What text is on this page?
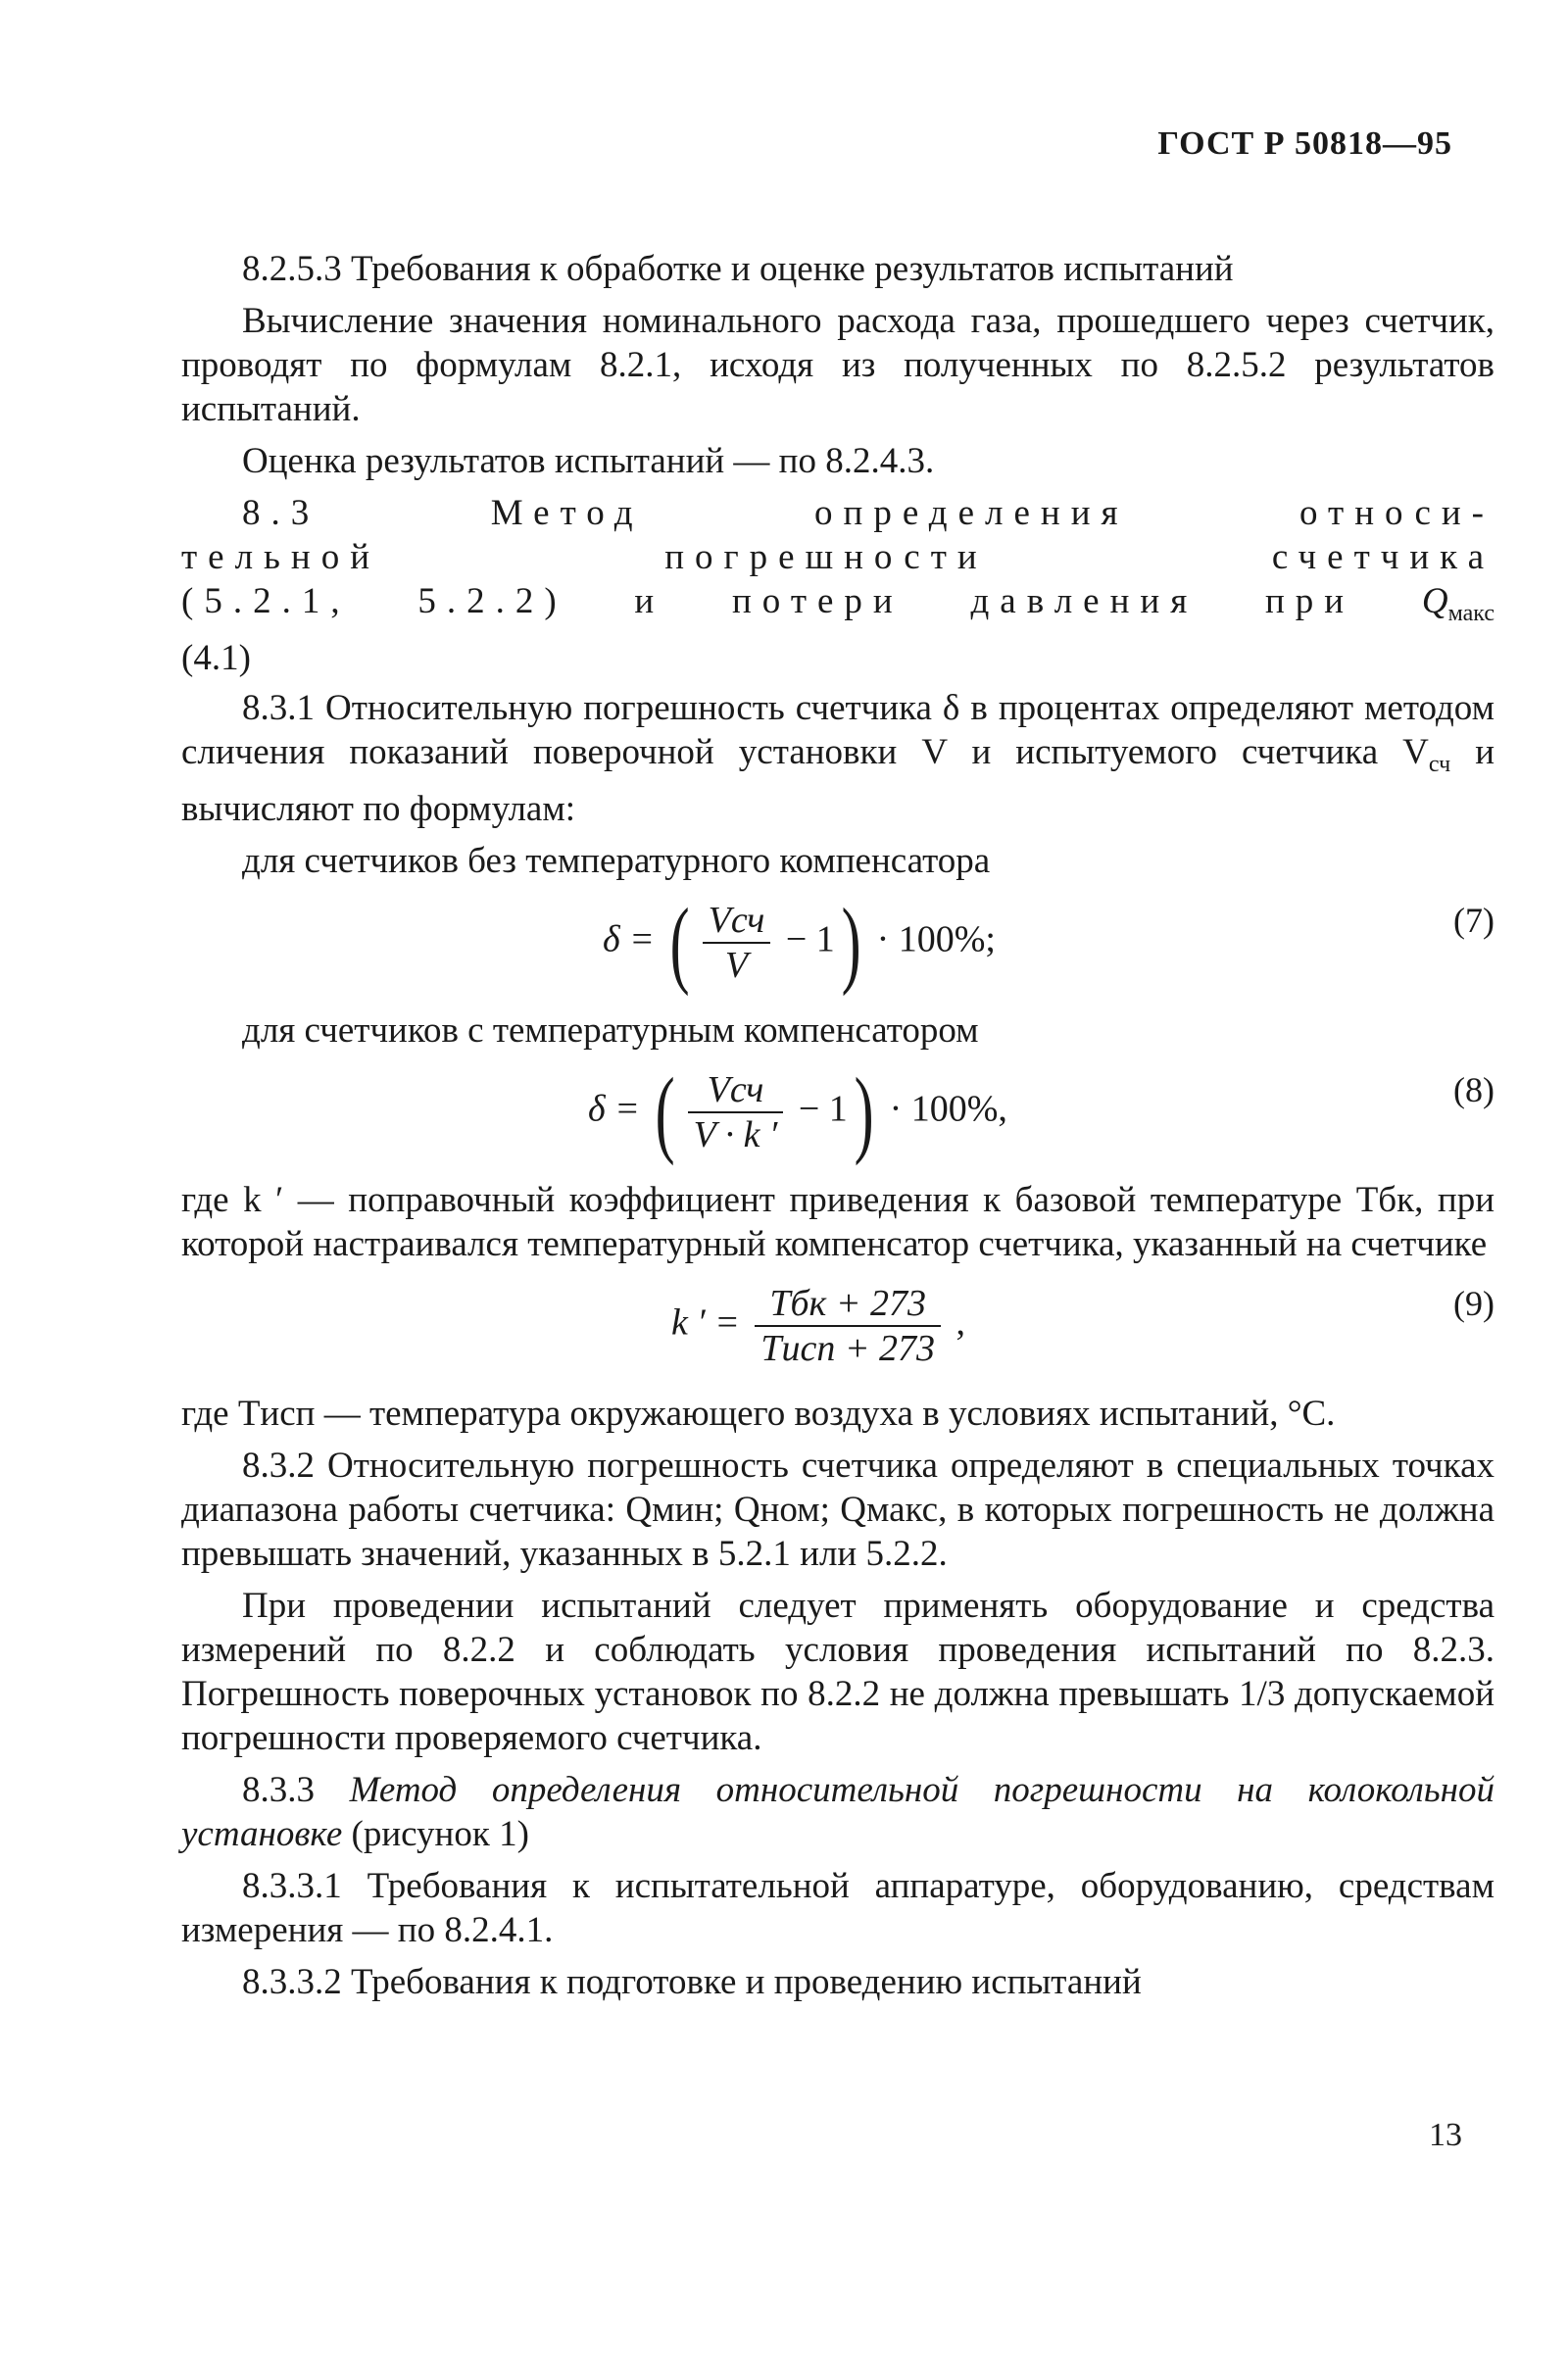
ГОСТ Р 50818—95

8.2.5.3 Требования к обработке и оценке результатов испытаний

Вычисление значения номинального расхода газа, прошедшего через счетчик, проводят по формулам 8.2.1, исходя из полученных по 8.2.5.2 результатов испытаний.

Оценка результатов испытаний — по 8.2.4.3.

8.3 Метод определения относи-
тельной погрешности счетчика
(5.2.1, 5.2.2) и потери давления при $Q_{макс}$
(4.1)

8.3.1 Относительную погрешность счетчика δ в процентах определяют методом сличения показаний поверочной установки V и испытуемого счетчика $V_{сч}$ и вычисляют по формулам:

для счетчиков без температурного компенсатора

δ = ( $\frac{\text{Vсч}}{V} - 1) \cdot 100\%$;	(7)

для счетчиков с температурным компенсатором

δ = ( $\frac{\text{Vсч}}{V \cdot k '} - 1) \cdot 100\%$,	(8)

где k ′ — поправочный коэффициент приведения к базовой температуре Tбк, при которой настраивался температурный компенсатор счетчика, указанный на счетчике

k ′ = $\frac{\text{Tбк + 273}}{\text{Tисп + 273}}$ ,	(9)

где Tисп — температура окружающего воздуха в условиях испытаний, °С.

8.3.2 Относительную погрешность счетчика определяют в специальных точках диапазона работы счетчика: Qмин; Qном; Qмакс, в которых погрешность не должна превышать значений, указанных в 5.2.1 или 5.2.2.

При проведении испытаний следует применять оборудование и средства измерений по 8.2.2 и соблюдать условия проведения испытаний по 8.2.3. Погрешность поверочных установок по 8.2.2 не должна превышать 1/3 допускаемой погрешности проверяемого счетчика.

8.3.3 Метод определения относительной погрешности на колокольной установке (рисунок 1)

8.3.3.1 Требования к испытательной аппаратуре, оборудованию, средствам измерения — по 8.2.4.1.

8.3.3.2 Требования к подготовке и проведению испытаний

13
